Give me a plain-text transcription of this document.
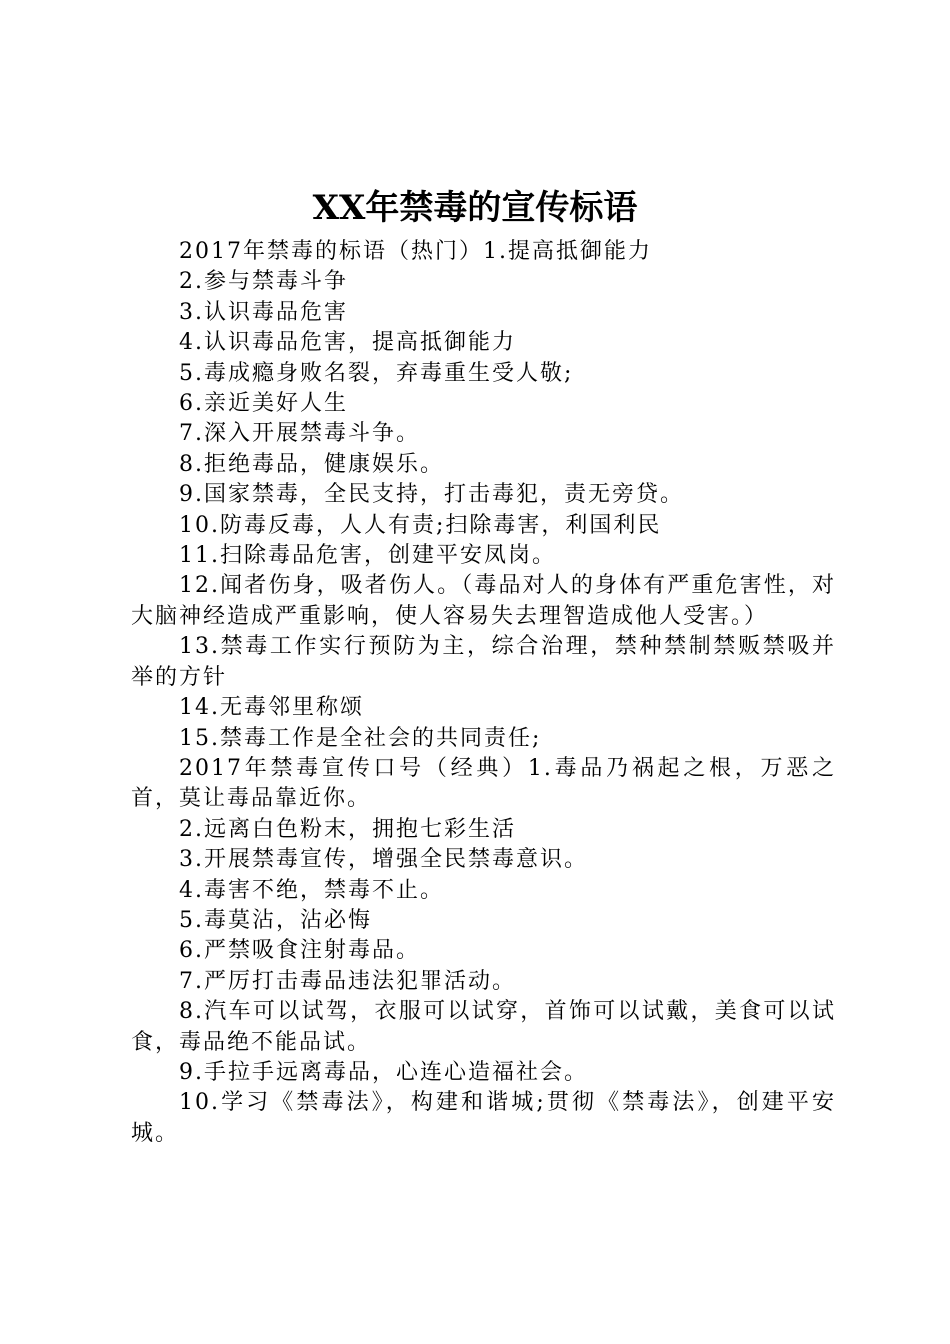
XX年禁毒的宣传标语

2017年禁毒的标语（热门）1.提高抵御能力

2.参与禁毒斗争

3.认识毒品危害

4.认识毒品危害，提高抵御能力

5.毒成瘾身败名裂，弃毒重生受人敬;

6.亲近美好人生

7.深入开展禁毒斗争。

8.拒绝毒品，健康娱乐。

9.国家禁毒，全民支持，打击毒犯，责无旁贷。

10.防毒反毒，人人有责;扫除毒害，利国利民

11.扫除毒品危害，创建平安凤岗。

12.闻者伤身，吸者伤人。（毒品对人的身体有严重危害性，对大脑神经造成严重影响，使人容易失去理智造成他人受害。）

13.禁毒工作实行预防为主，综合治理，禁种禁制禁贩禁吸并举的方针

14.无毒邻里称颂

15.禁毒工作是全社会的共同责任;

2017年禁毒宣传口号（经典）1.毒品乃祸起之根，万恶之首，莫让毒品靠近你。

2.远离白色粉末，拥抱七彩生活

3.开展禁毒宣传，增强全民禁毒意识。

4.毒害不绝，禁毒不止。

5.毒莫沾，沾必悔

6.严禁吸食注射毒品。

7.严厉打击毒品违法犯罪活动。

8.汽车可以试驾，衣服可以试穿，首饰可以试戴，美食可以试食，毒品绝不能品试。

9.手拉手远离毒品，心连心造福社会。

10.学习《禁毒法》，构建和谐城;贯彻《禁毒法》，创建平安城。
